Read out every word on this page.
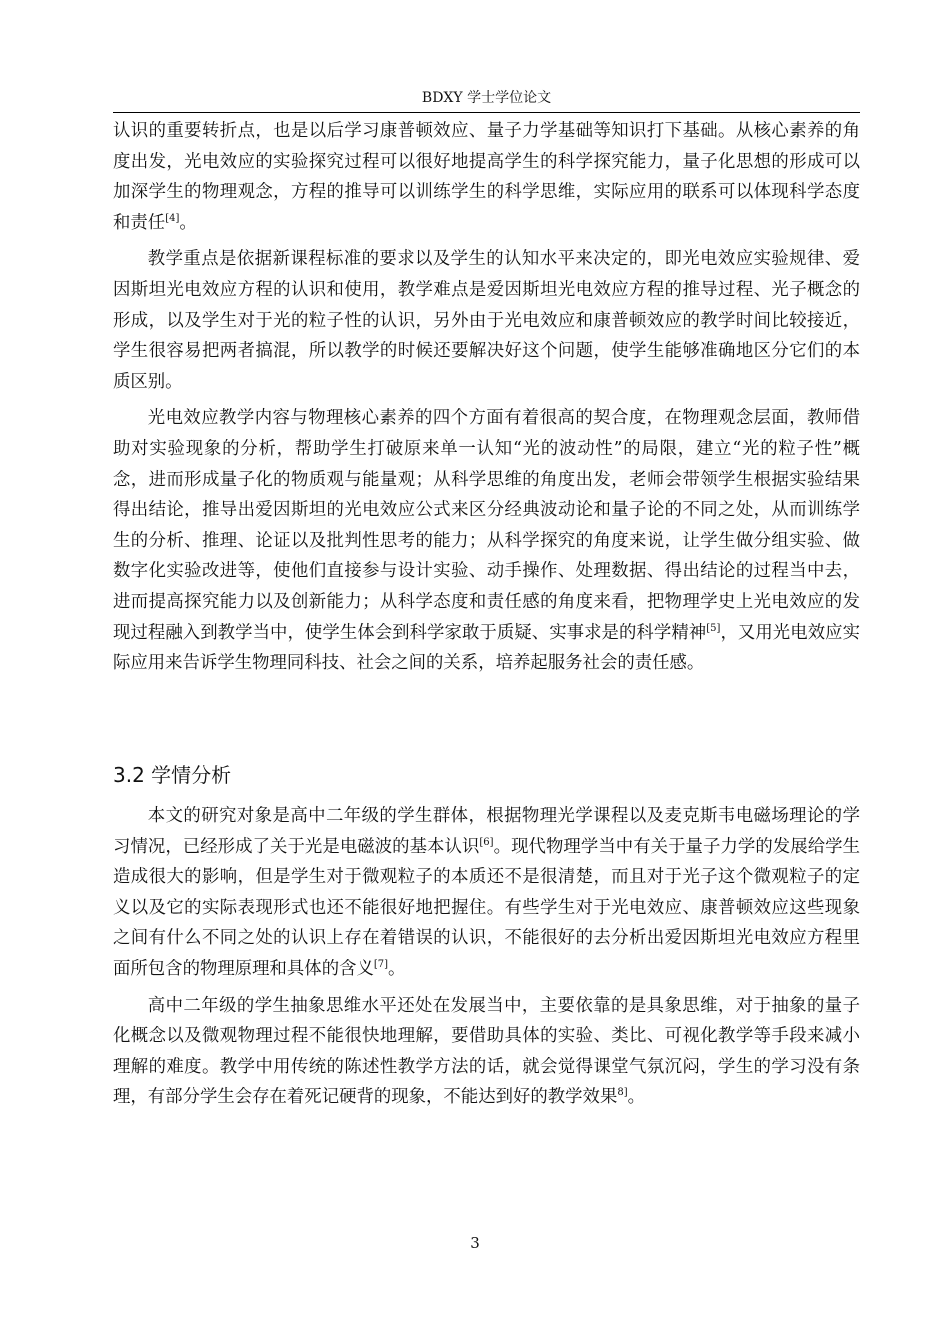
BDXY 学士学位论文

认识的重要转折点，也是以后学习康普顿效应、量子力学基础等知识打下基础。从核心素养的角度出发，光电效应的实验探究过程可以很好地提高学生的科学探究能力，量子化思想的形成可以加深学生的物理观念，方程的推导可以训练学生的科学思维，实际应用的联系可以体现科学态度和责任[4]。

教学重点是依据新课程标准的要求以及学生的认知水平来决定的，即光电效应实验规律、爱因斯坦光电效应方程的认识和使用，教学难点是爱因斯坦光电效应方程的推导过程、光子概念的形成，以及学生对于光的粒子性的认识，另外由于光电效应和康普顿效应的教学时间比较接近，学生很容易把两者搞混，所以教学的时候还要解决好这个问题，使学生能够准确地区分它们的本质区别。

光电效应教学内容与物理核心素养的四个方面有着很高的契合度，在物理观念层面，教师借助对实验现象的分析，帮助学生打破原来单一认知“光的波动性”的局限，建立“光的粒子性”概念，进而形成量子化的物质观与能量观；从科学思维的角度出发，老师会带领学生根据实验结果得出结论，推导出爱因斯坦的光电效应公式来区分经典波动论和量子论的不同之处，从而训练学生的分析、推理、论证以及批判性思考的能力；从科学探究的角度来说，让学生做分组实验、做数字化实验改进等，使他们直接参与设计实验、动手操作、处理数据、得出结论的过程当中去，进而提高探究能力以及创新能力；从科学态度和责任感的角度来看，把物理学史上光电效应的发现过程融入到教学当中，使学生体会到科学家敢于质疑、实事求是的科学精神[5]，又用光电效应实际应用来告诉学生物理同科技、社会之间的关系，培养起服务社会的责任感。

3.2 学情分析

本文的研究对象是高中二年级的学生群体，根据物理光学课程以及麦克斯韦电磁场理论的学习情况，已经形成了关于光是电磁波的基本认识[6]。现代物理学当中有关于量子力学的发展给学生造成很大的影响，但是学生对于微观粒子的本质还不是很清楚，而且对于光子这个微观粒子的定义以及它的实际表现形式也还不能很好地把握住。有些学生对于光电效应、康普顿效应这些现象之间有什么不同之处的认识上存在着错误的认识，不能很好的去分析出爱因斯坦光电效应方程里面所包含的物理原理和具体的含义[7]。

高中二年级的学生抽象思维水平还处在发展当中，主要依靠的是具象思维，对于抽象的量子化概念以及微观物理过程不能很快地理解，要借助具体的实验、类比、可视化教学等手段来减小理解的难度。教学中用传统的陈述性教学方法的话，就会觉得课堂气氛沉闷，学生的学习没有条理，有部分学生会存在着死记硬背的现象，不能达到好的教学效果$^{8]}$。

3
